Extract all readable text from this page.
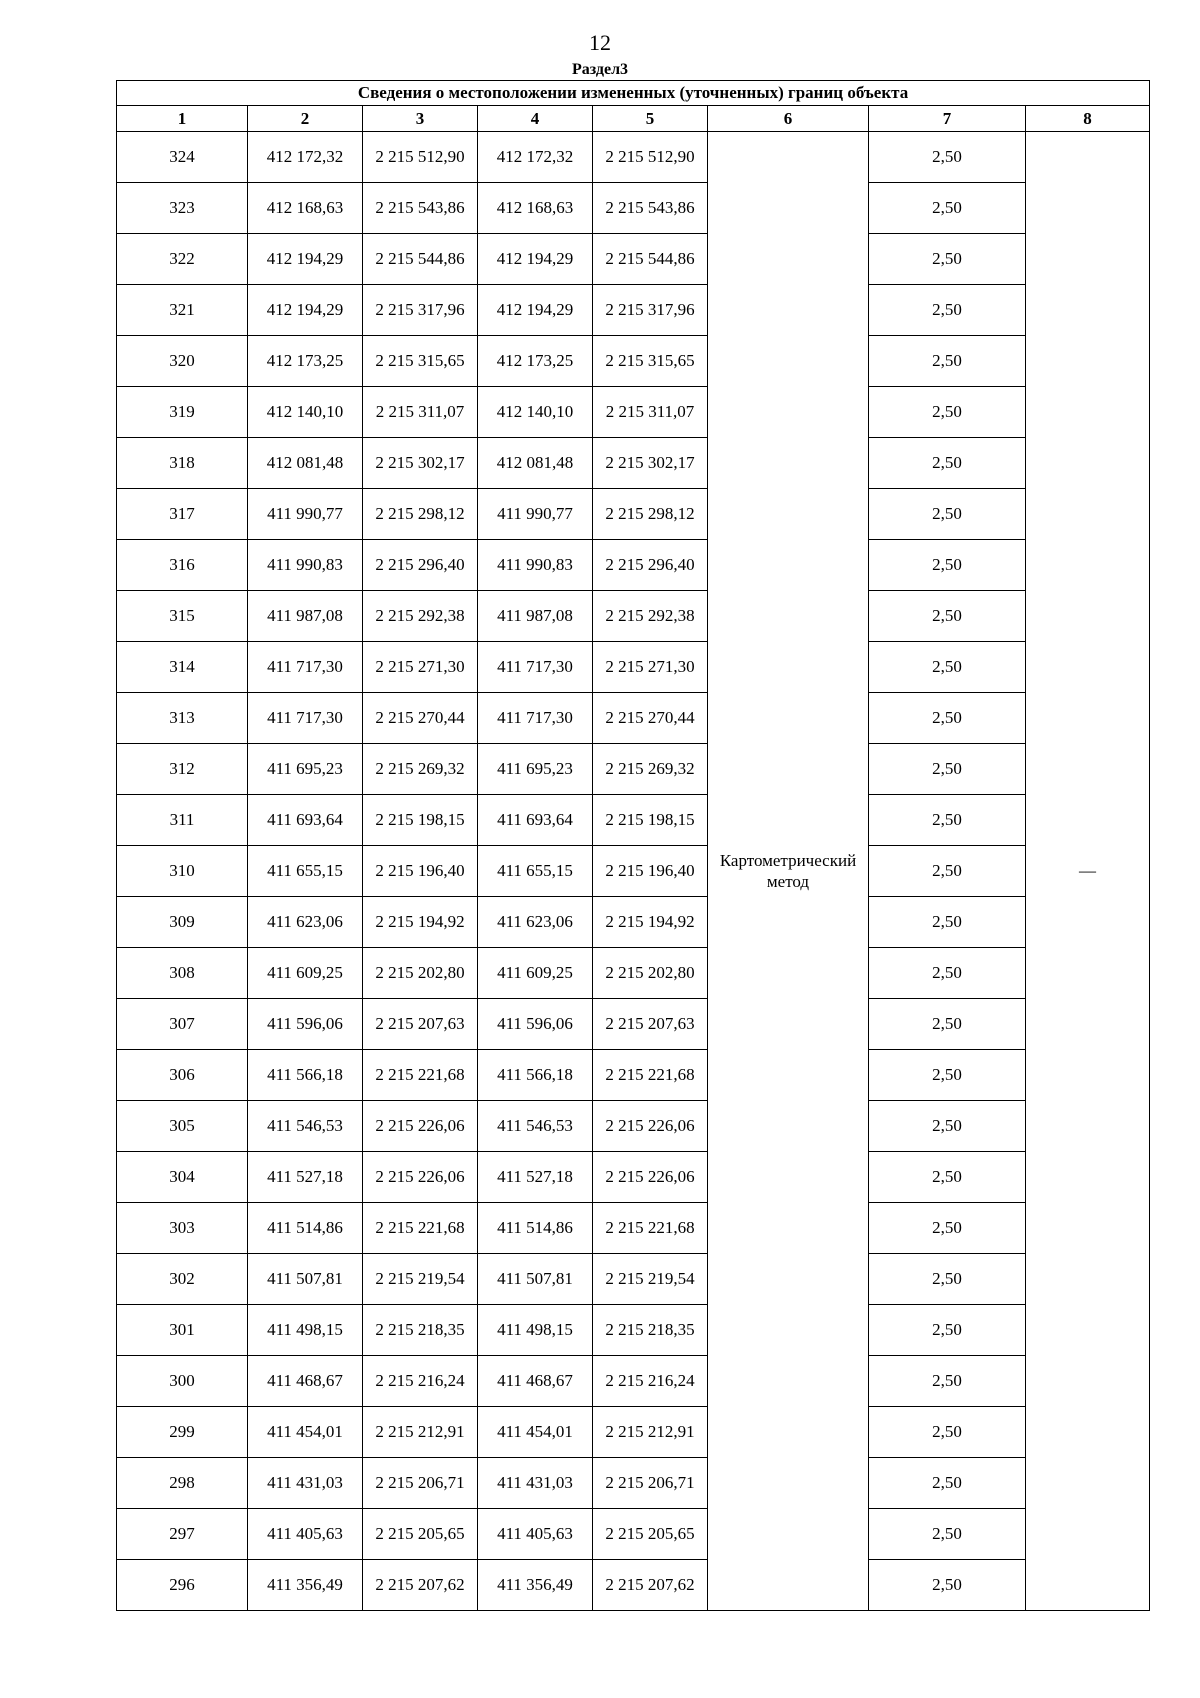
12
Раздел3
Сведения о местоположении измененных (уточненных) границ объекта							
1	2	3	4	5	6	7	8
324	412 172,32	2 215 512,90	412 172,32	2 215 512,90	Картометрический метод	2,50	—
323	412 168,63	2 215 543,86	412 168,63	2 215 543,86		2,50	
322	412 194,29	2 215 544,86	412 194,29	2 215 544,86		2,50	
321	412 194,29	2 215 317,96	412 194,29	2 215 317,96		2,50	
320	412 173,25	2 215 315,65	412 173,25	2 215 315,65		2,50	
319	412 140,10	2 215 311,07	412 140,10	2 215 311,07		2,50	
318	412 081,48	2 215 302,17	412 081,48	2 215 302,17		2,50	
317	411 990,77	2 215 298,12	411 990,77	2 215 298,12		2,50	
316	411 990,83	2 215 296,40	411 990,83	2 215 296,40		2,50	
315	411 987,08	2 215 292,38	411 987,08	2 215 292,38		2,50	
314	411 717,30	2 215 271,30	411 717,30	2 215 271,30		2,50	
313	411 717,30	2 215 270,44	411 717,30	2 215 270,44		2,50	
312	411 695,23	2 215 269,32	411 695,23	2 215 269,32		2,50	
311	411 693,64	2 215 198,15	411 693,64	2 215 198,15		2,50	
310	411 655,15	2 215 196,40	411 655,15	2 215 196,40		2,50	
309	411 623,06	2 215 194,92	411 623,06	2 215 194,92		2,50	
308	411 609,25	2 215 202,80	411 609,25	2 215 202,80		2,50	
307	411 596,06	2 215 207,63	411 596,06	2 215 207,63		2,50	
306	411 566,18	2 215 221,68	411 566,18	2 215 221,68		2,50	
305	411 546,53	2 215 226,06	411 546,53	2 215 226,06		2,50	
304	411 527,18	2 215 226,06	411 527,18	2 215 226,06		2,50	
303	411 514,86	2 215 221,68	411 514,86	2 215 221,68		2,50	
302	411 507,81	2 215 219,54	411 507,81	2 215 219,54		2,50	
301	411 498,15	2 215 218,35	411 498,15	2 215 218,35		2,50	
300	411 468,67	2 215 216,24	411 468,67	2 215 216,24		2,50	
299	411 454,01	2 215 212,91	411 454,01	2 215 212,91		2,50	
298	411 431,03	2 215 206,71	411 431,03	2 215 206,71		2,50	
297	411 405,63	2 215 205,65	411 405,63	2 215 205,65		2,50	
296	411 356,49	2 215 207,62	411 356,49	2 215 207,62		2,50	
